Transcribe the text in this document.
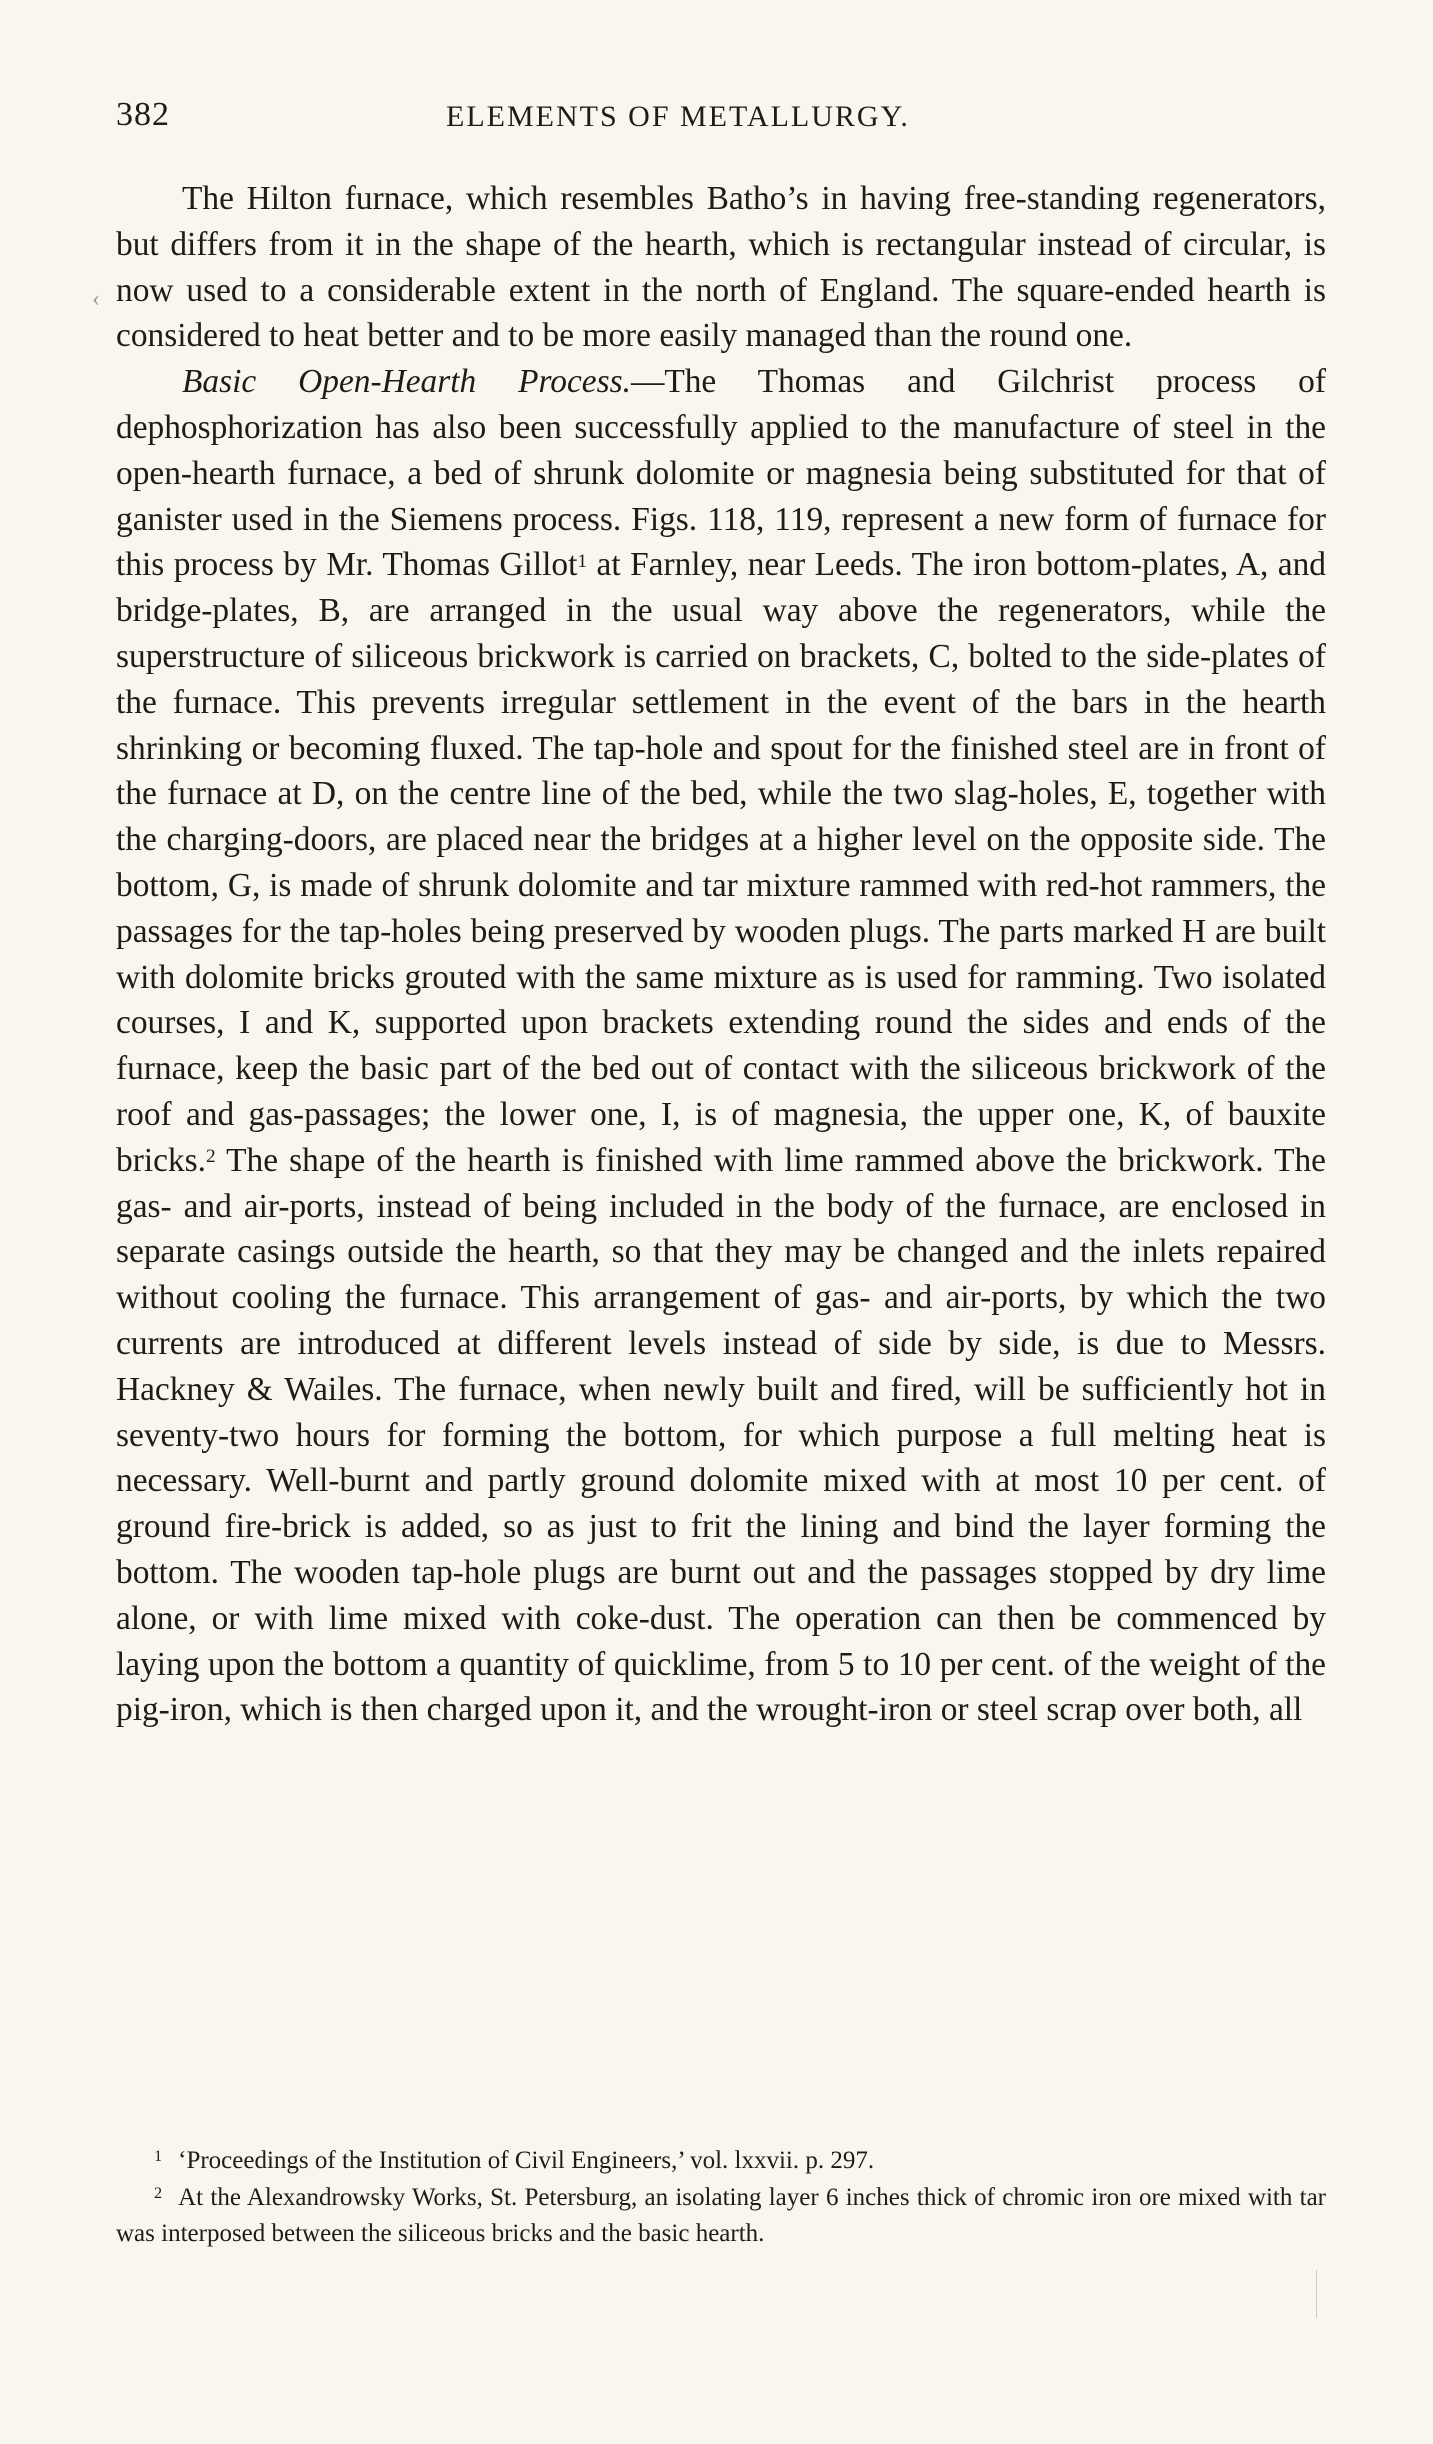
382	ELEMENTS OF METALLURGY.
‹

The Hilton furnace, which resembles Batho’s in having free-standing regenerators, but differs from it in the shape of the hearth, which is rectangular instead of circular, is now used to a considerable extent in the north of England. The square-ended hearth is considered to heat better and to be more easily managed than the round one.

Basic Open-Hearth Process.—The Thomas and Gilchrist process of dephosphorization has also been successfully applied to the manufacture of steel in the open-hearth furnace, a bed of shrunk dolomite or magnesia being substituted for that of ganister used in the Siemens process. Figs. 118, 119, represent a new form of furnace for this process by Mr. Thomas Gillot$^1$ at Farnley, near Leeds. The iron bottom-plates, A, and bridge-plates, B, are arranged in the usual way above the regenerators, while the superstructure of siliceous brickwork is carried on brackets, C, bolted to the side-plates of the furnace. This prevents irregular settlement in the event of the bars in the hearth shrinking or becoming fluxed. The tap-hole and spout for the finished steel are in front of the furnace at D, on the centre line of the bed, while the two slag-holes, E, together with the charging-doors, are placed near the bridges at a higher level on the opposite side. The bottom, G, is made of shrunk dolomite and tar mixture rammed with red-hot rammers, the passages for the tap-holes being preserved by wooden plugs. The parts marked H are built with dolomite bricks grouted with the same mixture as is used for ramming. Two isolated courses, I and K, supported upon brackets extending round the sides and ends of the furnace, keep the basic part of the bed out of contact with the siliceous brickwork of the roof and gas-passages; the lower one, I, is of magnesia, the upper one, K, of bauxite bricks.$^2$ The shape of the hearth is finished with lime rammed above the brickwork. The gas- and air-ports, instead of being included in the body of the furnace, are enclosed in separate casings outside the hearth, so that they may be changed and the inlets repaired without cooling the furnace. This arrangement of gas- and air-ports, by which the two currents are introduced at different levels instead of side by side, is due to Messrs. Hackney & Wailes. The furnace, when newly built and fired, will be sufficiently hot in seventy-two hours for forming the bottom, for which purpose a full melting heat is necessary. Well-burnt and partly ground dolomite mixed with at most 10 per cent. of ground fire-brick is added, so as just to frit the lining and bind the layer forming the bottom. The wooden tap-hole plugs are burnt out and the passages stopped by dry lime alone, or with lime mixed with coke-dust. The operation can then be commenced by laying upon the bottom a quantity of quicklime, from 5 to 10 per cent. of the weight of the pig-iron, which is then charged upon it, and the wrought-iron or steel scrap over both, all

$^1$ ‘Proceedings of the Institution of Civil Engineers,’ vol. lxxvii. p. 297.

$^2$ At the Alexandrowsky Works, St. Petersburg, an isolating layer 6 inches thick of chromic iron ore mixed with tar was interposed between the siliceous bricks and the basic hearth.
